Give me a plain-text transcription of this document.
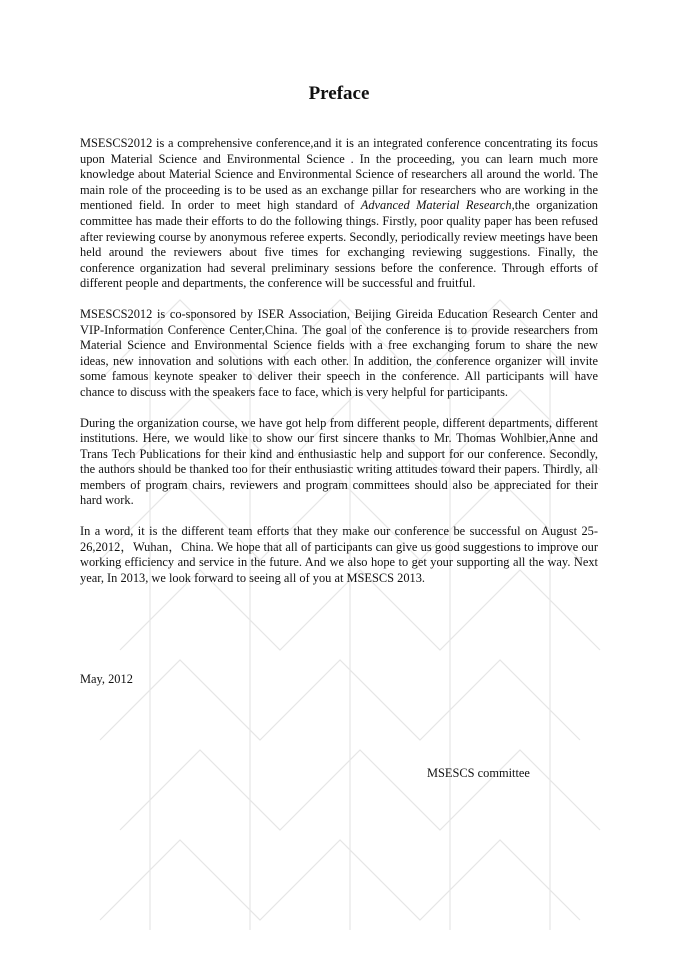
Preface

MSESCS2012 is a comprehensive conference,and it is an integrated conference concentrating its focus upon Material Science and Environmental Science . In the proceeding, you can learn much more knowledge about Material Science and Environmental Science of researchers all around the world. The main role of the proceeding is to be used as an exchange pillar for researchers who are working in the mentioned field. In order to meet high standard of Advanced Material Research,the organization committee has made their efforts to do the following things. Firstly, poor quality paper has been refused after reviewing course by anonymous referee experts. Secondly, periodically review meetings have been held around the reviewers about five times for exchanging reviewing suggestions. Finally, the conference organization had several preliminary sessions before the conference. Through efforts of different people and departments, the conference will be successful and fruitful.

MSESCS2012 is co-sponsored by ISER Association, Beijing Gireida Education Research Center and VIP-Information Conference Center,China. The goal of the conference is to provide researchers from Material Science and Environmental Science fields with a free exchanging forum to share the new ideas, new innovation and solutions with each other. In addition, the conference organizer will invite some famous keynote speaker to deliver their speech in the conference. All participants will have chance to discuss with the speakers face to face, which is very helpful for participants.

During the organization course, we have got help from different people, different departments, different institutions. Here, we would like to show our first sincere thanks to Mr. Thomas Wohlbier,Anne and Trans Tech Publications for their kind and enthusiastic help and support for our conference. Secondly, the authors should be thanked too for their enthusiastic writing attitudes toward their papers. Thirdly, all members of program chairs, reviewers and program committees should also be appreciated for their hard work.

In a word, it is the different team efforts that they make our conference be successful on August 25-26,2012，Wuhan，China. We hope that all of participants can give us good suggestions to improve our working efficiency and service in the future. And we also hope to get your supporting all the way. Next year, In 2013, we look forward to seeing all of you at MSESCS 2013.

May, 2012
MSESCS committee
